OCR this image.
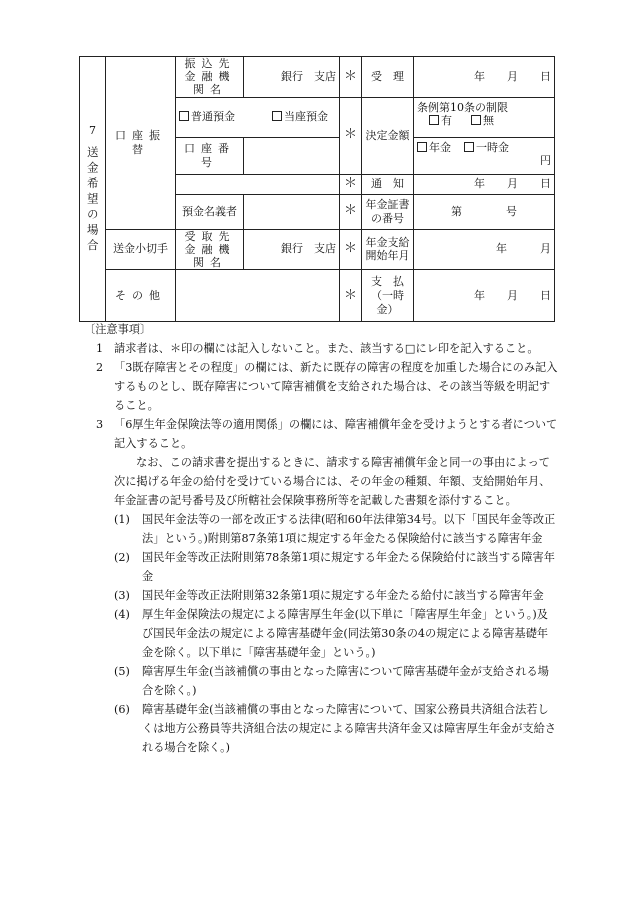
7
送金希望の場合	口座振替	振込先金融機関名	銀行　支店	＊	受　理	年　　月　　日
		普通預金 当座預金		＊	決定金額	条例第10条の制限
有 無

		口座番号				年金 一時金
円

				＊	通　知	年　　月　　日
		預金名義者		＊	年金証書の番号	第　　　　号
	送金小切手	受取先金融機関名	銀行　支店	＊	年金支給開始年月	年　　　月
	その他			＊	支　払（一時金）	年　　月　　日

〔注意事項〕

1 請求者は、＊印の欄には記入しないこと。また、該当する□にレ印を記入すること。

2 「3既存障害とその程度」の欄には、新たに既存の障害の程度を加重した場合にのみ記入するものとし、既存障害について障害補償を支給された場合は、その該当等級を明記すること。

3 「6厚生年金保険法等の適用関係」の欄には、障害補償年金を受けようとする者について記入すること。

なお、この請求書を提出するときに、請求する障害補償年金と同一の事由によって次に掲げる年金の給付を受けている場合には、その年金の種類、年額、支給開始年月、年金証書の記号番号及び所轄社会保険事務所等を記載した書類を添付すること。

(1) 国民年金法等の一部を改正する法律(昭和60年法律第34号。以下「国民年金等改正法」という。)附則第87条第1項に規定する年金たる保険給付に該当する障害年金

(2) 国民年金等改正法附則第78条第1項に規定する年金たる保険給付に該当する障害年金

(3) 国民年金等改正法附則第32条第1項に規定する年金たる給付に該当する障害年金

(4) 厚生年金保険法の規定による障害厚生年金(以下単に「障害厚生年金」という。)及び国民年金法の規定による障害基礎年金(同法第30条の4の規定による障害基礎年金を除く。以下単に「障害基礎年金」という。)

(5) 障害厚生年金(当該補償の事由となった障害について障害基礎年金が支給される場合を除く。)

(6) 障害基礎年金(当該補償の事由となった障害について、国家公務員共済組合法若しくは地方公務員等共済組合法の規定による障害共済年金又は障害厚生年金が支給される場合を除く。)
